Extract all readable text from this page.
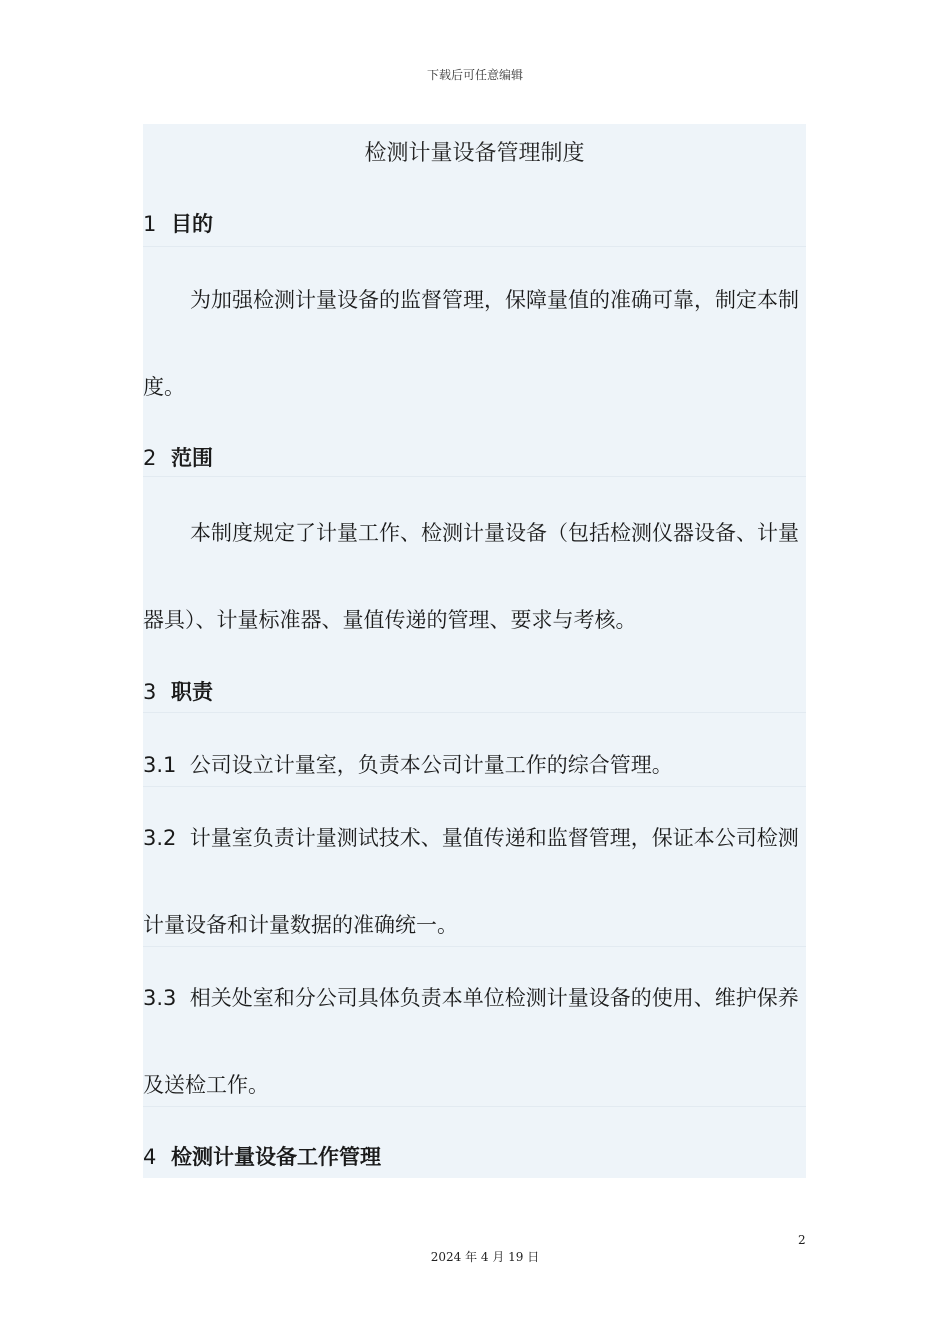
下载后可任意编辑
检测计量设备管理制度
1 目的
为加强检测计量设备的监督管理，保障量值的准确可靠，制定本制
度。
2 范围
本制度规定了计量工作、检测计量设备（包括检测仪器设备、计量
器具）、计量标准器、量值传递的管理、要求与考核。
3 职责
3.1 公司设立计量室，负责本公司计量工作的综合管理。
3.2 计量室负责计量测试技术、量值传递和监督管理，保证本公司检测
计量设备和计量数据的准确统一。
3.3 相关处室和分公司具体负责本单位检测计量设备的使用、维护保养
及送检工作。
4 检测计量设备工作管理
2
2024 年 4 月 19 日
